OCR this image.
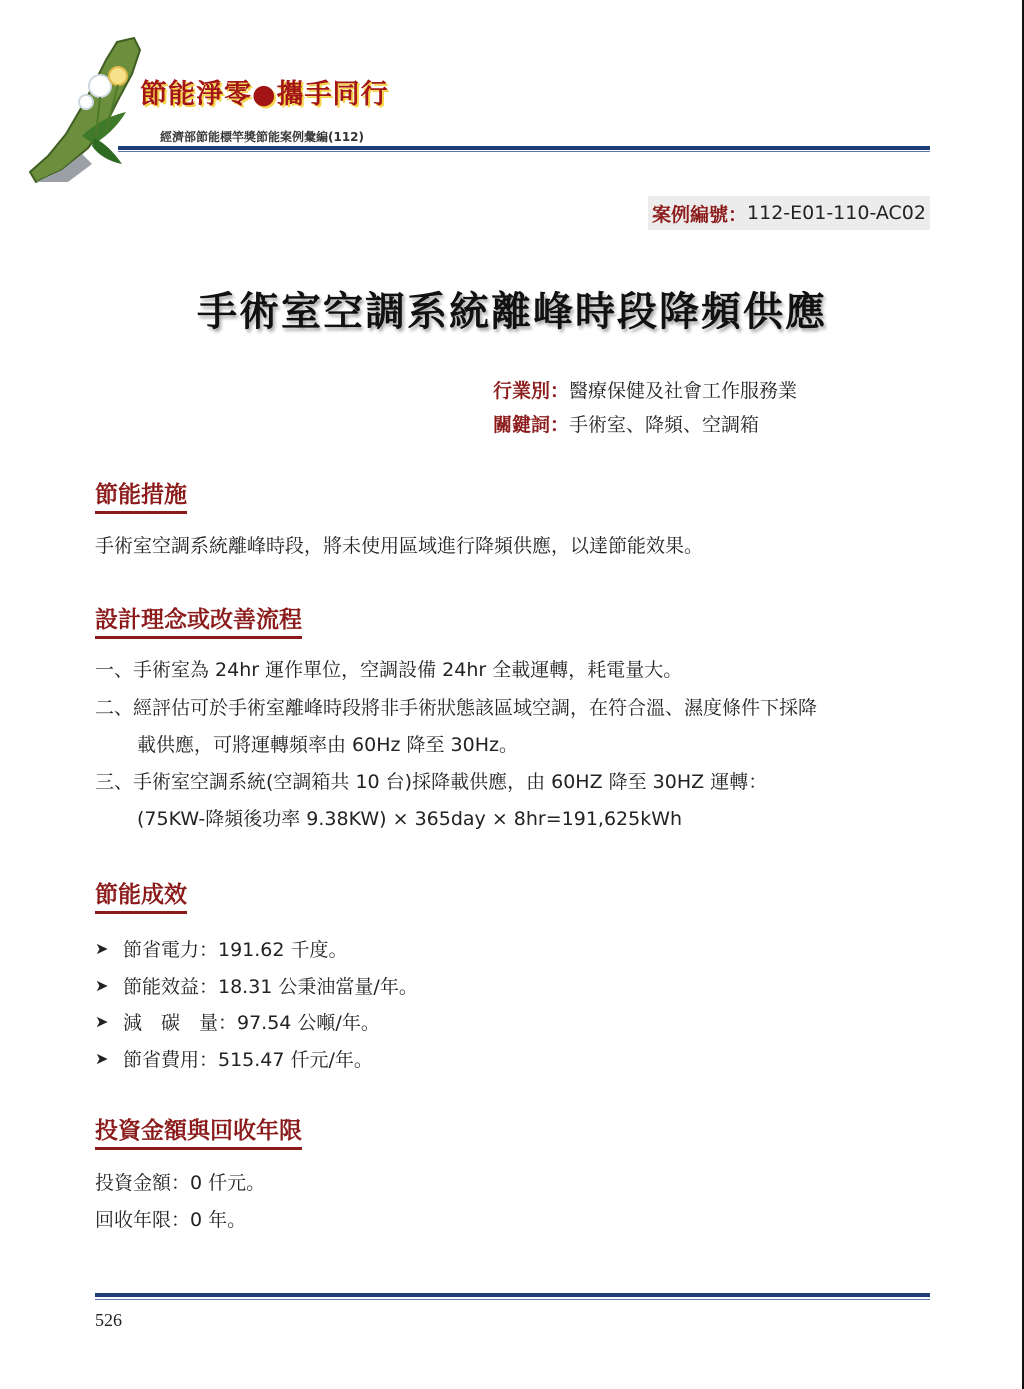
節能淨零●攜手同行
經濟部節能標竿獎節能案例彙編(112)
案例編號： 112-E01-110-AC02
手術室空調系統離峰時段降頻供應
行業別：醫療保健及社會工作服務業
關鍵詞：手術室、降頻、空調箱
節能措施
手術室空調系統離峰時段，將未使用區域進行降頻供應，以達節能效果。
設計理念或改善流程
一、手術室為 24hr 運作單位，空調設備 24hr 全載運轉，耗電量大。
二、經評估可於手術室離峰時段將非手術狀態該區域空調，在符合溫、濕度條件下採降
載供應，可將運轉頻率由 60Hz 降至 30Hz。
三、手術室空調系統(空調箱共 10 台)採降載供應，由 60HZ 降至 30HZ 運轉：
(75KW-降頻後功率 9.38KW) × 365day × 8hr=191,625kWh
節能成效
➤ 節省電力：191.62 千度。
➤ 節能效益：18.31 公秉油當量/年。
➤ 減　碳　量：97.54 公噸/年。
➤ 節省費用：515.47 仟元/年。
投資金額與回收年限
投資金額：0 仟元。
回收年限：0 年。
526
